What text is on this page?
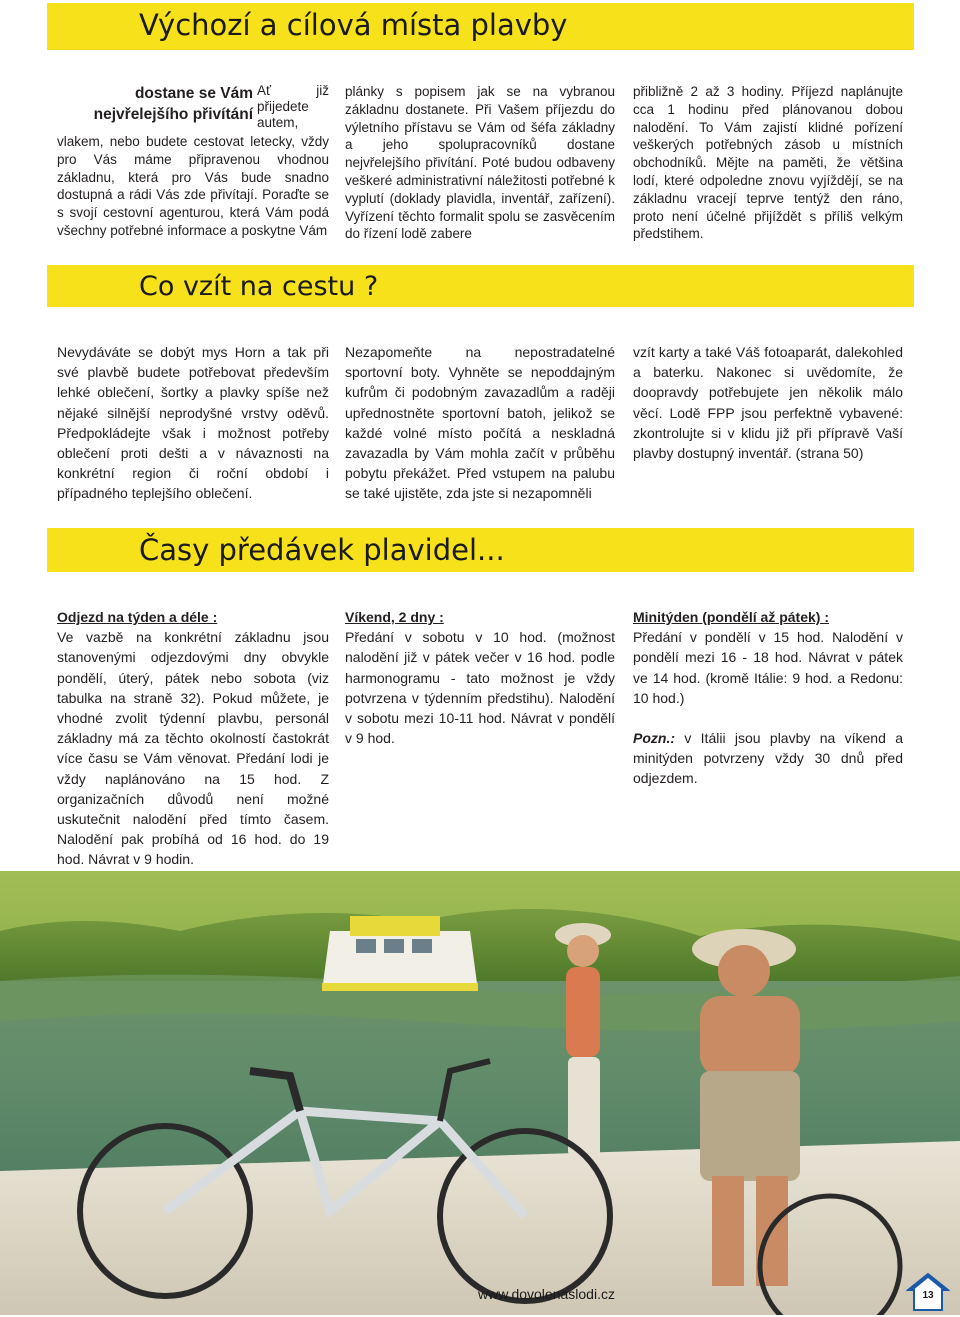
Výchozí a cílová místa plavby
dostane se Vám
nejvřelejšího přivítání
Ať	již
přijedete
autem,

vlakem, nebo budete cestovat letecky, vždy pro Vás máme připravenou vhodnou základnu, která pro Vás bude snadno dostupná a rádi Vás zde přivítají. Poraďte se s svojí cestovní agenturou, která Vám podá všechny potřebné informace a poskytne Vám

plánky s popisem jak se na vybranou základnu dostanete. Při Vašem příjezdu do výletního přístavu se Vám od šéfa základny a jeho spolupracovníků dostane nejvřelejšího přivítání. Poté budou odbaveny veškeré administrativní náležitosti potřebné k vyplutí (doklady plavidla, inventář, zařízení). Vyřízení těchto formalit spolu se zasvěcením do řízení lodě zabere

přibližně 2 až 3 hodiny. Příjezd naplánujte cca 1 hodinu před plánovanou dobou nalodění. To Vám zajistí klidné pořízení veškerých potřebných zásob u místních obchodníků. Mějte na paměti, že většina lodí, které odpoledne znovu vyjíždějí, se na základnu vracejí teprve tentýž den ráno, proto není účelné přijíždět s příliš velkým předstihem.

Co vzít na cestu ?

Nevydáváte se dobýt mys Horn a tak při své plavbě budete potřebovat především lehké oblečení, šortky a plavky spíše než nějaké silnější neprodyšné vrstvy oděvů. Předpokládejte však i možnost potřeby oblečení proti dešti a v návaznosti na konkrétní region či roční období i případného teplejšího oblečení.

Nezapomeňte na nepostradatelné sportovní boty. Vyhněte se nepoddajným kufrům či podobným zavazadlům a raději upřednostněte sportovní batoh, jelikož se každé volné místo počítá a neskladná zavazadla by Vám mohla začít v průběhu pobytu překážet. Před vstupem na palubu se také ujistěte, zda jste si nezapomněli

vzít karty a také Váš fotoaparát, dalekohled a baterku. Nakonec si uvědomíte, že doopravdy potřebujete jen několik málo věcí. Lodě FPP jsou perfektně vybavené: zkontrolujte si v klidu již při přípravě Vaší plavby dostupný inventář. (strana 50)

Časy předávek plavidel...
Odjezd na týden a déle :

Ve vazbě na konkrétní základnu jsou stanovenými odjezdovými dny obvykle pondělí, úterý, pátek nebo sobota (viz tabulka na straně 32). Pokud můžete, je vhodné zvolit týdenní plavbu, personál základny má za těchto okolností častokrát více času se Vám věnovat. Předání lodi je vždy naplánováno na 15 hod. Z organizačních důvodů není možné uskutečnit nalodění před tímto časem. Nalodění pak probíhá od 16 hod. do 19 hod. Návrat v 9 hodin.

Víkend, 2 dny :

Předání v sobotu v 10 hod. (možnost nalodění již v pátek večer v 16 hod. podle harmonogramu - tato možnost je vždy potvrzena v týdenním předstihu). Nalodění v sobotu mezi 10-11 hod. Návrat v pondělí v 9 hod.

Minitýden (pondělí až pátek) :

Předání v pondělí v 15 hod. Nalodění v pondělí mezi 16 - 18 hod. Návrat v pátek ve 14 hod. (kromě Itálie: 9 hod. a Redonu: 10 hod.)

Pozn.: v Itálii jsou plavby na víkend a minitýden potvrzeny vždy 30 dnů před odjezdem.

www.dovolenaslodi.cz	13
